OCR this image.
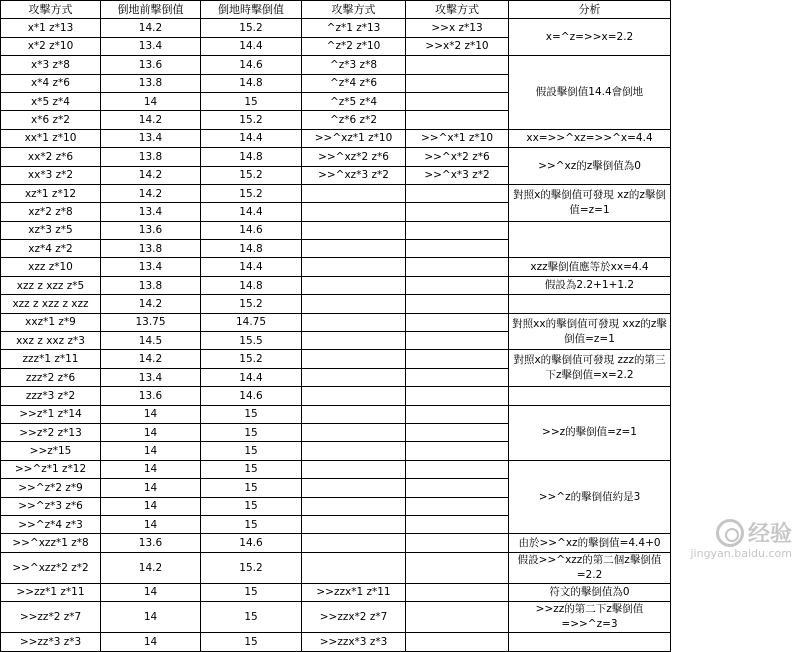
攻擊方式	倒地前擊倒值	倒地時擊倒值	攻擊方式	攻擊方式	分析
x*1 z*13	14.2	15.2	^z*1 z*13	>>x z*13	x=^z=>>x=2.2
x*2 z*10	13.4	14.4	^z*2 z*10	>>x*2 z*10	
x*3 z*8	13.6	14.6	^z*3 z*8		假設擊倒值14.4會倒地
x*4 z*6	13.8	14.8	^z*4 z*6		
x*5 z*4	14	15	^z*5 z*4		
x*6 z*2	14.2	15.2	^z*6 z*2		
xx*1 z*10	13.4	14.4	>>^xz*1 z*10	>>^x*1 z*10	xx=>>^xz=>>^x=4.4
xx*2 z*6	13.8	14.8	>>^xz*2 z*6	>>^x*2 z*6	>>^xz的z擊倒值為0
xx*3 z*2	14.2	15.2	>>^xz*3 z*2	>>^x*3 z*2	
xz*1 z*12	14.2	15.2			對照x的擊倒值可發現 xz的z擊倒值=z=1
xz*2 z*8	13.4	14.4			
xz*3 z*5	13.6	14.6			
xz*4 z*2	13.8	14.8			
xzz z*10	13.4	14.4			xzz擊倒值應等於xx=4.4
xzz z xzz z*5	13.8	14.8			假設為2.2+1+1.2
xzz z xzz z xzz	14.2	15.2			
xxz*1 z*9	13.75	14.75			對照xx的擊倒值可發現 xxz的z擊倒值=z=1
xxz z xxz z*3	14.5	15.5			
zzz*1 z*11	14.2	15.2			對照x的擊倒值可發現 zzz的第三下z擊倒值=x=2.2
zzz*2 z*6	13.4	14.4			
zzz*3 z*2	13.6	14.6			
>>z*1 z*14	14	15			>>z的擊倒值=z=1
>>z*2 z*13	14	15			
>>z*15	14	15			
>>^z*1 z*12	14	15			>>^z的擊倒值約是3
>>^z*2 z*9	14	15			
>>^z*3 z*6	14	15			
>>^z*4 z*3	14	15			
>>^xzz*1 z*8	13.6	14.6			由於>>^xz的擊倒值=4.4+0
>>^xzz*2 z*2	14.2	15.2			假設>>^xzz的第二個z擊倒值=2.2
>>zz*1 z*11	14	15	>>zzx*1 z*11		符文的擊倒值為0
>>zz*2 z*7	14	15	>>zzx*2 z*7		>>zz的第二下z擊倒值=>>^z=3
>>zz*3 z*3	14	15	>>zzx*3 z*3		
经验
jingyan.baidu.com
